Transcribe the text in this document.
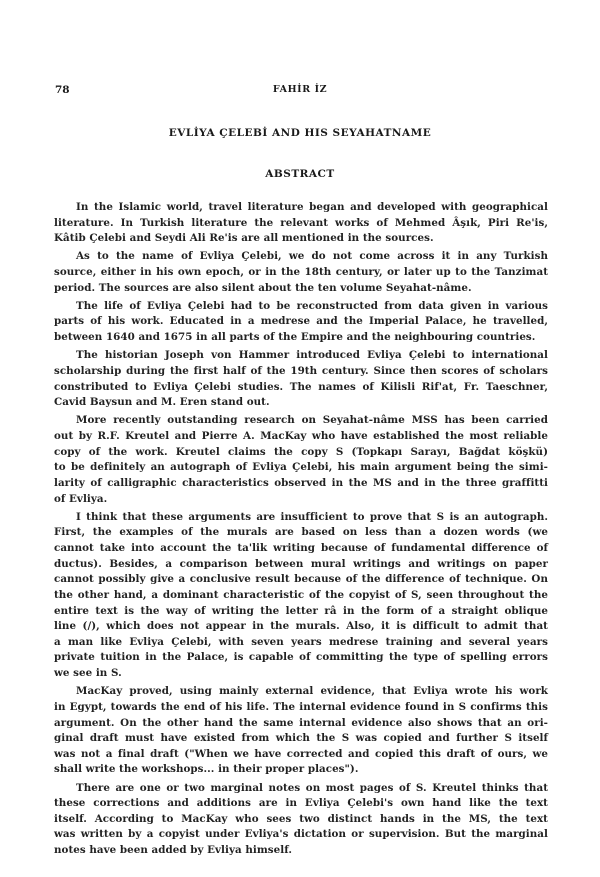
78	FAHİR İZ
EVLİYA ÇELEBİ AND HIS SEYAHATNAME
ABSTRACT
In the Islamic world, travel literature began and developed with geographical
literature. In Turkish literature the relevant works of Mehmed Âşık, Piri Re'is,
Kâtib Çelebi and Seydi Ali Re'is are all mentioned in the sources.
As to the name of Evliya Çelebi, we do not come across it in any Turkish
source, either in his own epoch, or in the 18th century, or later up to the Tanzimat
period. The sources are also silent about the ten volume Seyahat-nâme.
The life of Evliya Çelebi had to be reconstructed from data given in various
parts of his work. Educated in a medrese and the Imperial Palace, he travelled,
between 1640 and 1675 in all parts of the Empire and the neighbouring countries.
The historian Joseph von Hammer introduced Evliya Çelebi to international
scholarship during the first half of the 19th century. Since then scores of scholars
constributed to Evliya Çelebi studies. The names of Kilisli Rif'at, Fr. Taeschner,
Cavid Baysun and M. Eren stand out.
More recently outstanding research on Seyahat-nâme MSS has been carried
out by R.F. Kreutel and Pierre A. MacKay who have established the most reliable
copy of the work. Kreutel claims the copy S (Topkapı Sarayı, Bağdat köşkü)
to be definitely an autograph of Evliya Çelebi, his main argument being the simi-
larity of calligraphic characteristics observed in the MS and in the three graffitti
of Evliya.
I think that these arguments are insufficient to prove that S is an autograph.
First, the examples of the murals are based on less than a dozen words (we
cannot take into account the ta'lik writing because of fundamental difference of
ductus). Besides, a comparison between mural writings and writings on paper
cannot possibly give a conclusive result because of the difference of technique. On
the other hand, a dominant characteristic of the copyist of S, seen throughout the
entire text is the way of writing the letter râ in the form of a straight oblique
line (/), which does not appear in the murals. Also, it is difficult to admit that
a man like Evliya Çelebi, with seven years medrese training and several years
private tuition in the Palace, is capable of committing the type of spelling errors
we see in S.
MacKay proved, using mainly external evidence, that Evliya wrote his work
in Egypt, towards the end of his life. The internal evidence found in S confirms this
argument. On the other hand the same internal evidence also shows that an ori-
ginal draft must have existed from which the S was copied and further S itself
was not a final draft ("When we have corrected and copied this draft of ours, we
shall write the workshops... in their proper places").
There are one or two marginal notes on most pages of S. Kreutel thinks that
these corrections and additions are in Evliya Çelebi's own hand like the text
itself. According to MacKay who sees two distinct hands in the MS, the text
was written by a copyist under Evliya's dictation or supervision. But the marginal
notes have been added by Evliya himself.
